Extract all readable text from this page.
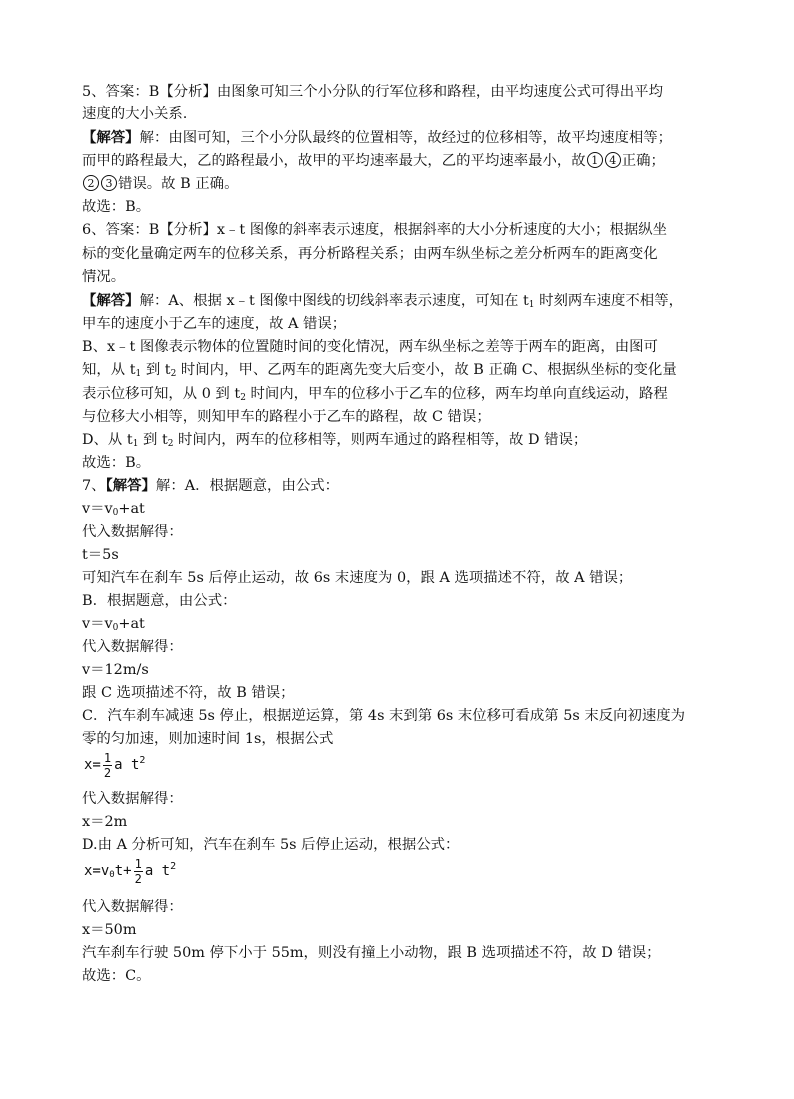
5、答案：B【分析】由图象可知三个小分队的行军位移和路程，由平均速度公式可得出平均
速度的大小关系.
【解答】解：由图可知，三个小分队最终的位置相等，故经过的位移相等，故平均速度相等；
而甲的路程最大，乙的路程最小，故甲的平均速率最大，乙的平均速率最小，故 1 4 正确；
2 3 错误。故 B 正确。
故选：B。
6、答案：B【分析】x﹣t 图像的斜率表示速度，根据斜率的大小分析速度的大小；根据纵坐
标的变化量确定两车的位移关系，再分析路程关系；由两车纵坐标之差分析两车的距离变化
情况。
【解答】解：A、根据 x﹣t 图像中图线的切线斜率表示速度，可知在 $t_1$ 时刻两车速度不相等，
甲车的速度小于乙车的速度，故 A 错误；
B、x﹣t 图像表示物体的位置随时间的变化情况，两车纵坐标之差等于两车的距离，由图可
知，从 $t_1$ 到 $t_2$ 时间内，甲、乙两车的距离先变大后变小，故 B 正确 C、根据纵坐标的变化量
表示位移可知，从 0 到 $t_2$ 时间内，甲车的位移小于乙车的位移，两车均单向直线运动，路程
与位移大小相等，则知甲车的路程小于乙车的路程，故 C 错误；
D、从 $t_1$ 到 $t_2$ 时间内，两车的位移相等，则两车通过的路程相等，故 D 错误；
故选：B。
7、【解答】解：A．根据题意，由公式：
$v=v_0+at$
代入数据解得：
t＝5s
可知汽车在刹车 5s 后停止运动，故 6s 末速度为 0，跟 A 选项描述不符，故 A 错误；
B．根据题意，由公式：
$v=v_0+at$
代入数据解得：
v＝12m/s
跟 C 选项描述不符，故 B 错误；
C．汽车刹车减速 5s 停止，根据逆运算，第 4s 末到第 6s 末位移可看成第 5s 末反向初速度为
零的匀加速，则加速时间 1s，根据公式
$x= \frac{1}{2}$ a $t^2$
代入数据解得：
x＝2m
D.由 A 分析可知，汽车在刹车 5s 后停止运动，根据公式：
$x=v_0t+ \frac{1}{2}$ a $t^2$
代入数据解得：
x＝50m
汽车刹车行驶 50m 停下小于 55m，则没有撞上小动物，跟 B 选项描述不符，故 D 错误；
故选：C。
